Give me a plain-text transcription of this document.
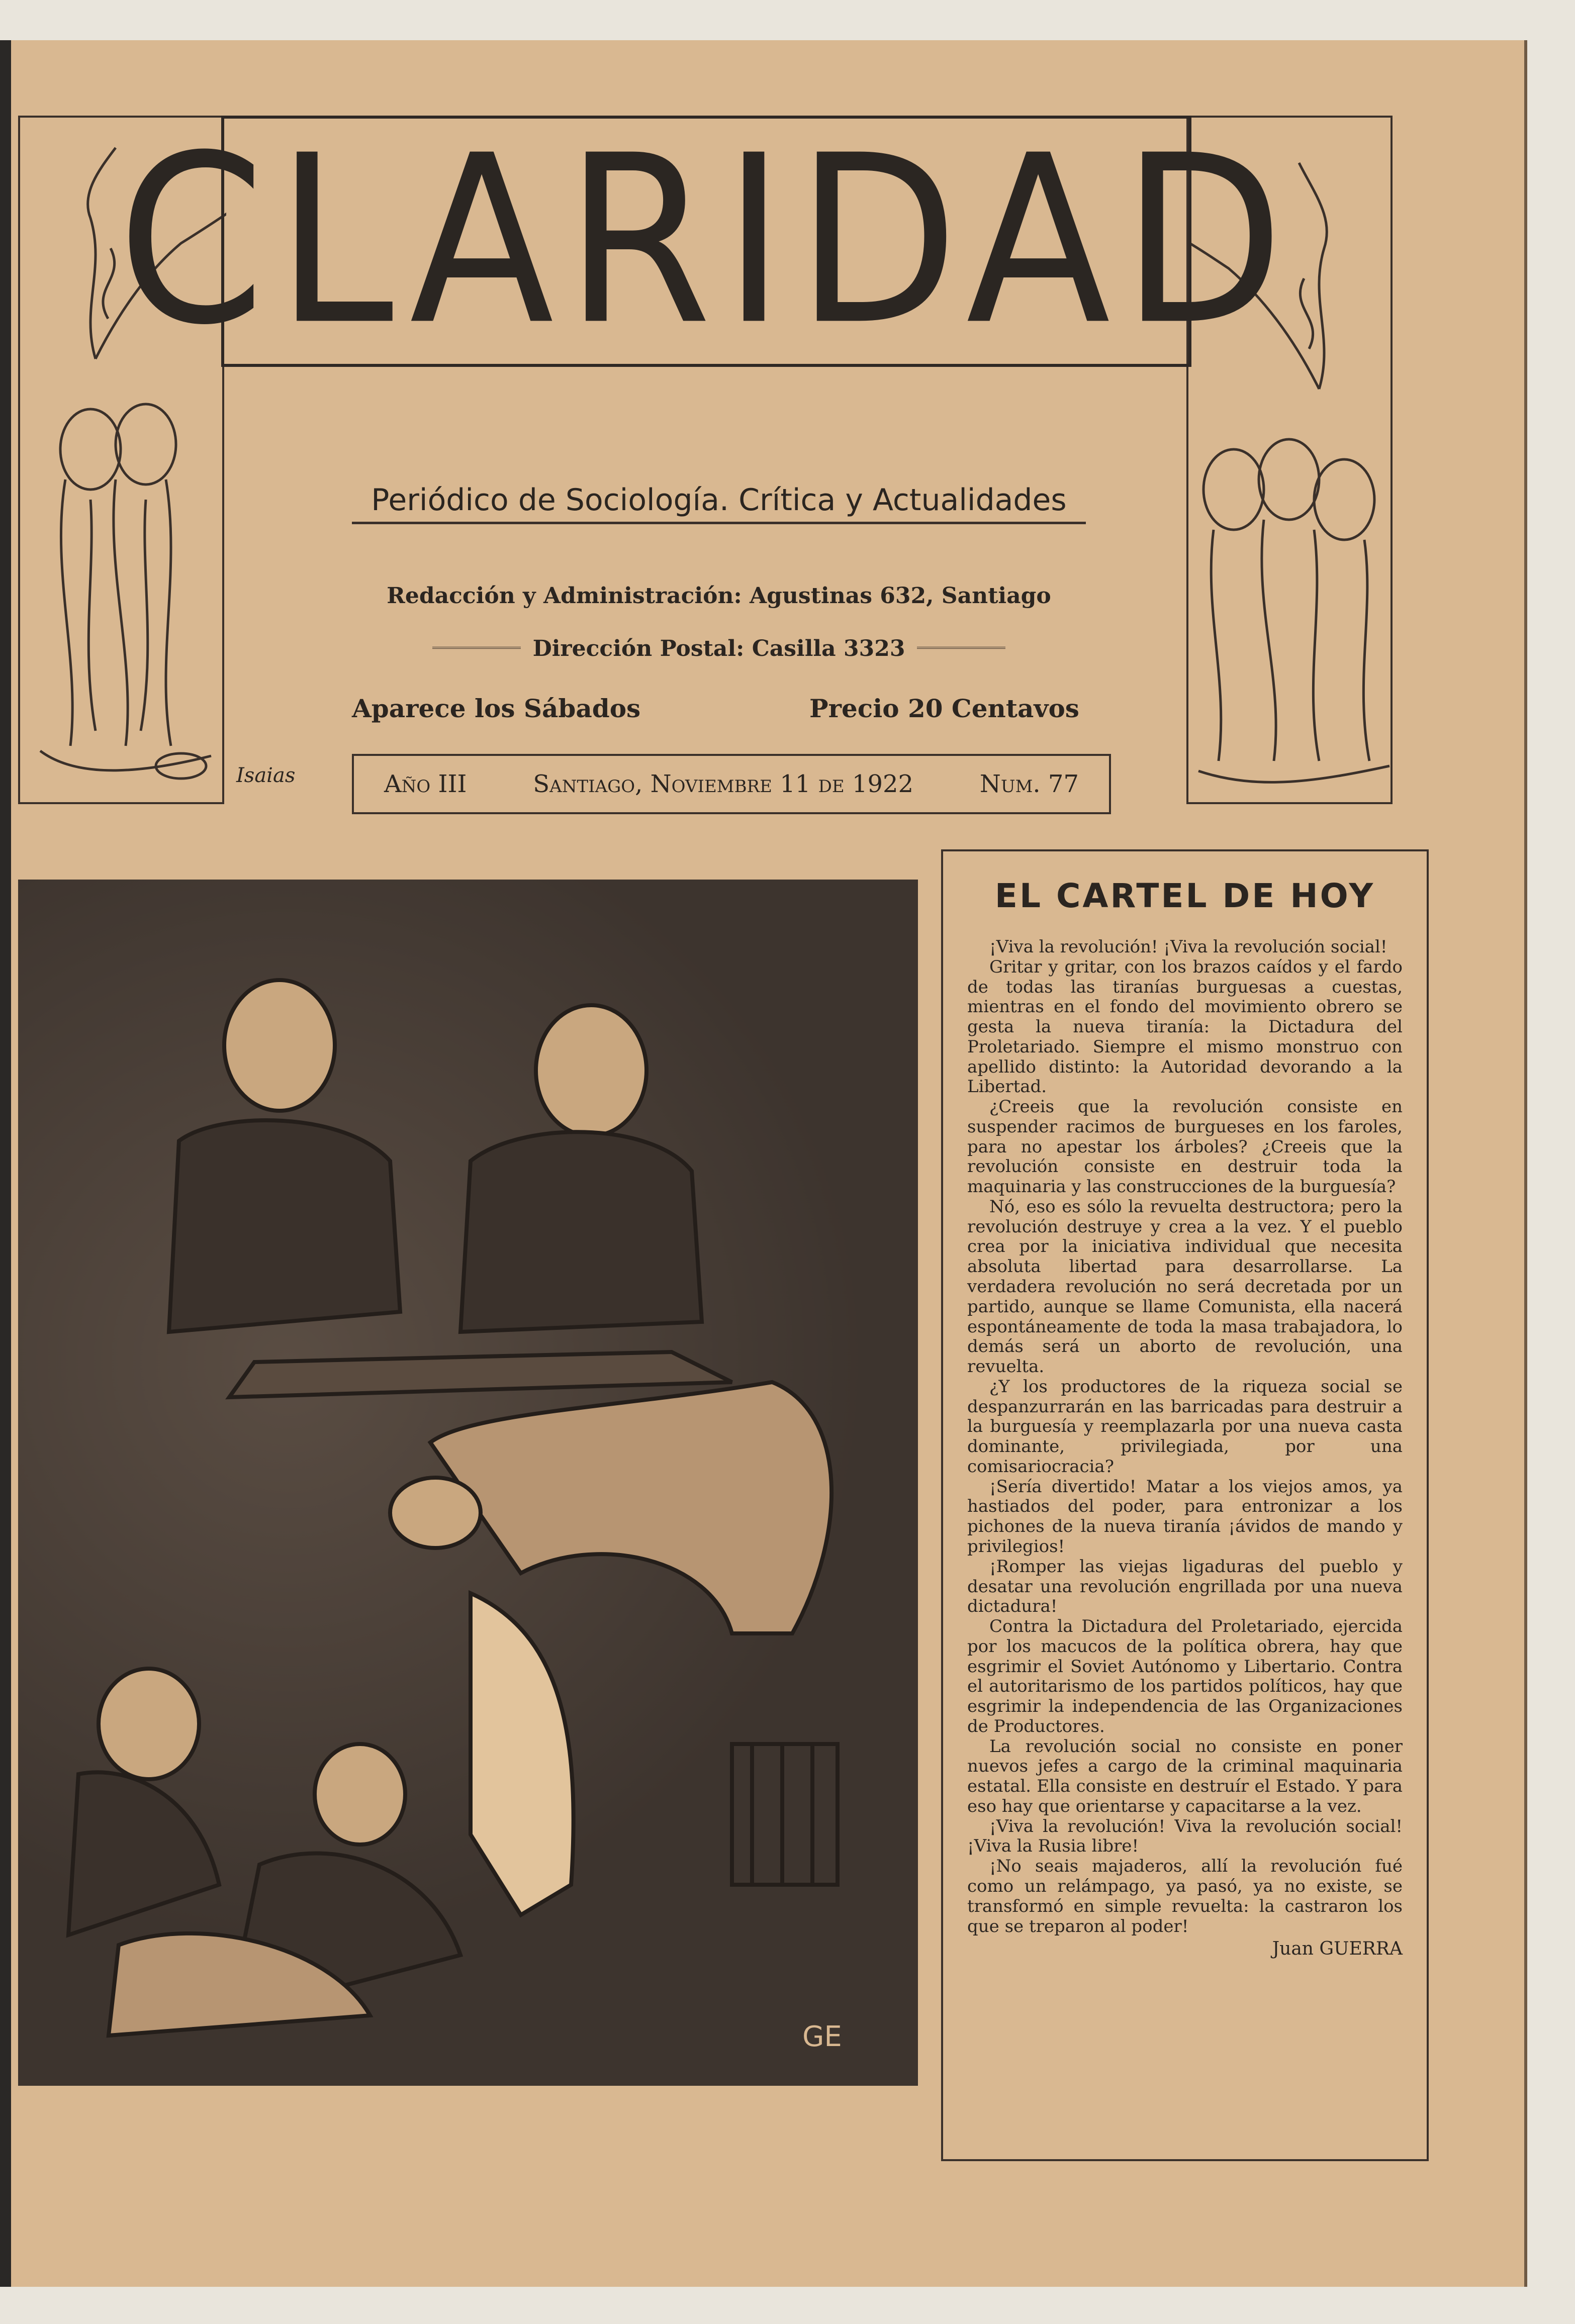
CLARIDAD
Periódico de Sociología. Crítica y Actualidades
Redacción y Administración: Agustinas 632, Santiago
Dirección Postal: Casilla 3323
Aparece los Sábados	Precio 20 Centavos
Isaias	Año III	Santiago, Noviembre 11 de 1922	Num. 77
GE
EL CARTEL DE HOY

¡Viva la revolución! ¡Viva la revolución social!

Gritar y gritar, con los brazos caídos y el fardo de todas las tiranías burguesas a cuestas, mientras en el fondo del movimiento obrero se gesta la nueva tiranía: la Dictadura del Proletariado. Siempre el mismo monstruo con apellido distinto: la Autoridad devorando a la Libertad.

¿Creeis que la revolución consiste en suspender racimos de burgueses en los faroles, para no apestar los árboles? ¿Creeis que la revolución consiste en destruir toda la maquinaria y las construcciones de la burguesía?

Nó, eso es sólo la revuelta destructora; pero la revolución destruye y crea a la vez. Y el pueblo crea por la iniciativa individual que necesita absoluta libertad para desarrollarse. La verdadera revolución no será decretada por un partido, aunque se llame Comunista, ella nacerá espontáneamente de toda la masa trabajadora, lo demás será un aborto de revolución, una revuelta.

¿Y los productores de la riqueza social se despanzurrarán en las barricadas para destruir a la burguesía y reemplazarla por una nueva casta dominante, privilegiada, por una comisariocracia?

¡Sería divertido! Matar a los viejos amos, ya hastiados del poder, para entronizar a los pichones de la nueva tiranía ¡ávidos de mando y privilegios!

¡Romper las viejas ligaduras del pueblo y desatar una revolución engrillada por una nueva dictadura!

Contra la Dictadura del Proletariado, ejercida por los macucos de la política obrera, hay que esgrimir el Soviet Autónomo y Libertario. Contra el autoritarismo de los partidos políticos, hay que esgrimir la independencia de las Organizaciones de Productores.

La revolución social no consiste en poner nuevos jefes a cargo de la criminal maquinaria estatal. Ella consiste en destruír el Estado. Y para eso hay que orientarse y capacitarse a la vez.

¡Viva la revolución! Viva la revolución social! ¡Viva la Rusia libre!

¡No seais majaderos, allí la revolución fué como un relámpago, ya pasó, ya no existe, se transformó en simple revuelta: la castraron los que se treparon al poder!

Juan GUERRA
